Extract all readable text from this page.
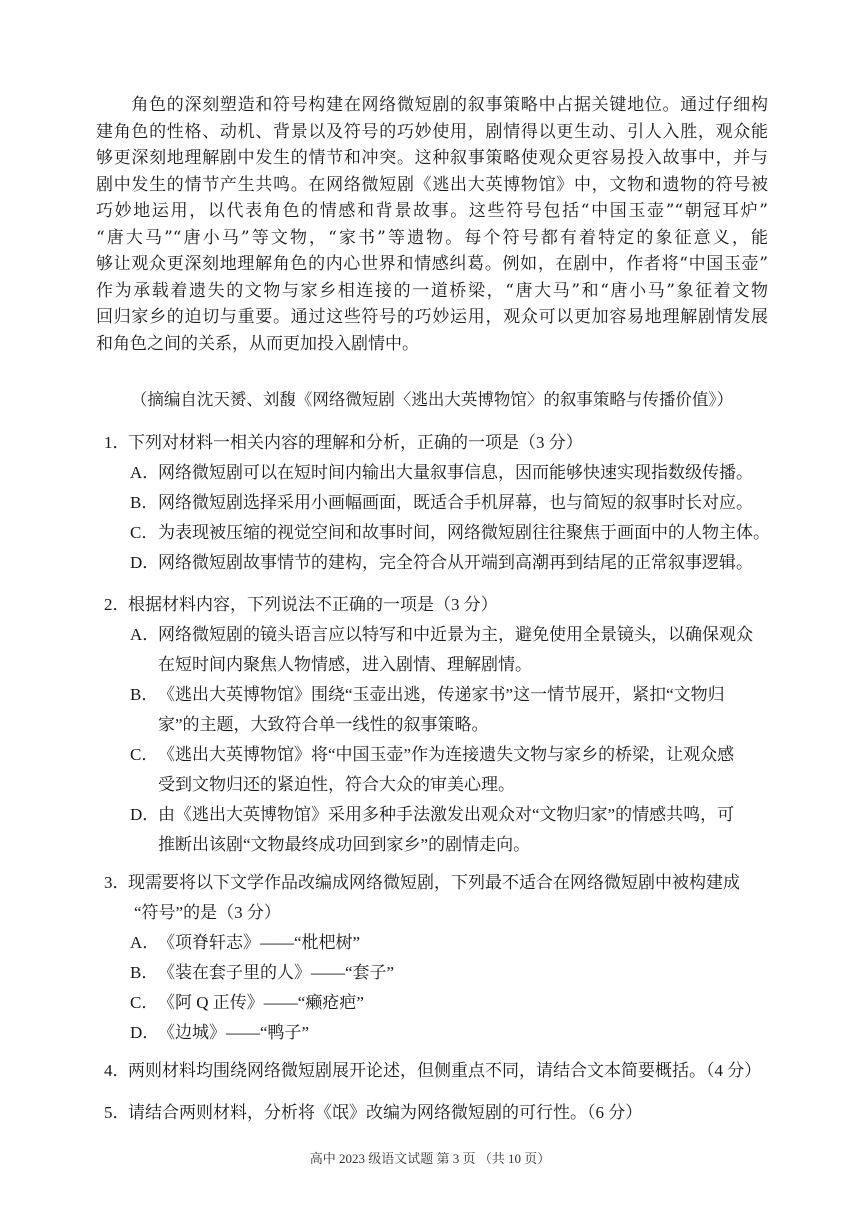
　　角色的深刻塑造和符号构建在网络微短剧的叙事策略中占据关键地位。通过仔细构
建角色的性格、动机、背景以及符号的巧妙使用，剧情得以更生动、引人入胜，观众能
够更深刻地理解剧中发生的情节和冲突。这种叙事策略使观众更容易投入故事中，并与
剧中发生的情节产生共鸣。在网络微短剧《逃出大英博物馆》中，文物和遗物的符号被
巧妙地运用，以代表角色的情感和背景故事。这些符号包括“中国玉壶”“朝冠耳炉”
“唐大马”“唐小马”等文物，“家书”等遗物。每个符号都有着特定的象征意义，能
够让观众更深刻地理解角色的内心世界和情感纠葛。例如，在剧中，作者将“中国玉壶”
作为承载着遗失的文物与家乡相连接的一道桥梁，“唐大马”和“唐小马”象征着文物
回归家乡的迫切与重要。通过这些符号的巧妙运用，观众可以更加容易地理解剧情发展
和角色之间的关系，从而更加投入剧情中。
（摘编自沈天赟、刘馥《网络微短剧〈逃出大英博物馆〉的叙事策略与传播价值》）
1．下列对材料一相关内容的理解和分析，正确的一项是（3 分）
A．网络微短剧可以在短时间内输出大量叙事信息，因而能够快速实现指数级传播。
B．网络微短剧选择采用小画幅画面，既适合手机屏幕，也与简短的叙事时长对应。
C．为表现被压缩的视觉空间和故事时间，网络微短剧往往聚焦于画面中的人物主体。
D．网络微短剧故事情节的建构，完全符合从开端到高潮再到结尾的正常叙事逻辑。
2．根据材料内容，下列说法不正确的一项是（3 分）
A．网络微短剧的镜头语言应以特写和中近景为主，避免使用全景镜头，以确保观众
在短时间内聚焦人物情感，进入剧情、理解剧情。
B．《逃出大英博物馆》围绕“玉壶出逃，传递家书”这一情节展开，紧扣“文物归
家”的主题，大致符合单一线性的叙事策略。
C．《逃出大英博物馆》将“中国玉壶”作为连接遗失文物与家乡的桥梁，让观众感
受到文物归还的紧迫性，符合大众的审美心理。
D．由《逃出大英博物馆》采用多种手法激发出观众对“文物归家”的情感共鸣，可
推断出该剧“文物最终成功回到家乡”的剧情走向。
3．现需要将以下文学作品改编成网络微短剧，下列最不适合在网络微短剧中被构建成
“符号”的是（3 分）
A．《项脊轩志》——“枇杷树”
B．《装在套子里的人》——“套子”
C．《阿 Q 正传》——“癞疮疤”
D．《边城》——“鸭子”
4．两则材料均围绕网络微短剧展开论述，但侧重点不同，请结合文本简要概括。（4 分）
5．请结合两则材料，分析将《氓》改编为网络微短剧的可行性。（6 分）
高中 2023 级语文试题 第 3 页 （共 10 页）
